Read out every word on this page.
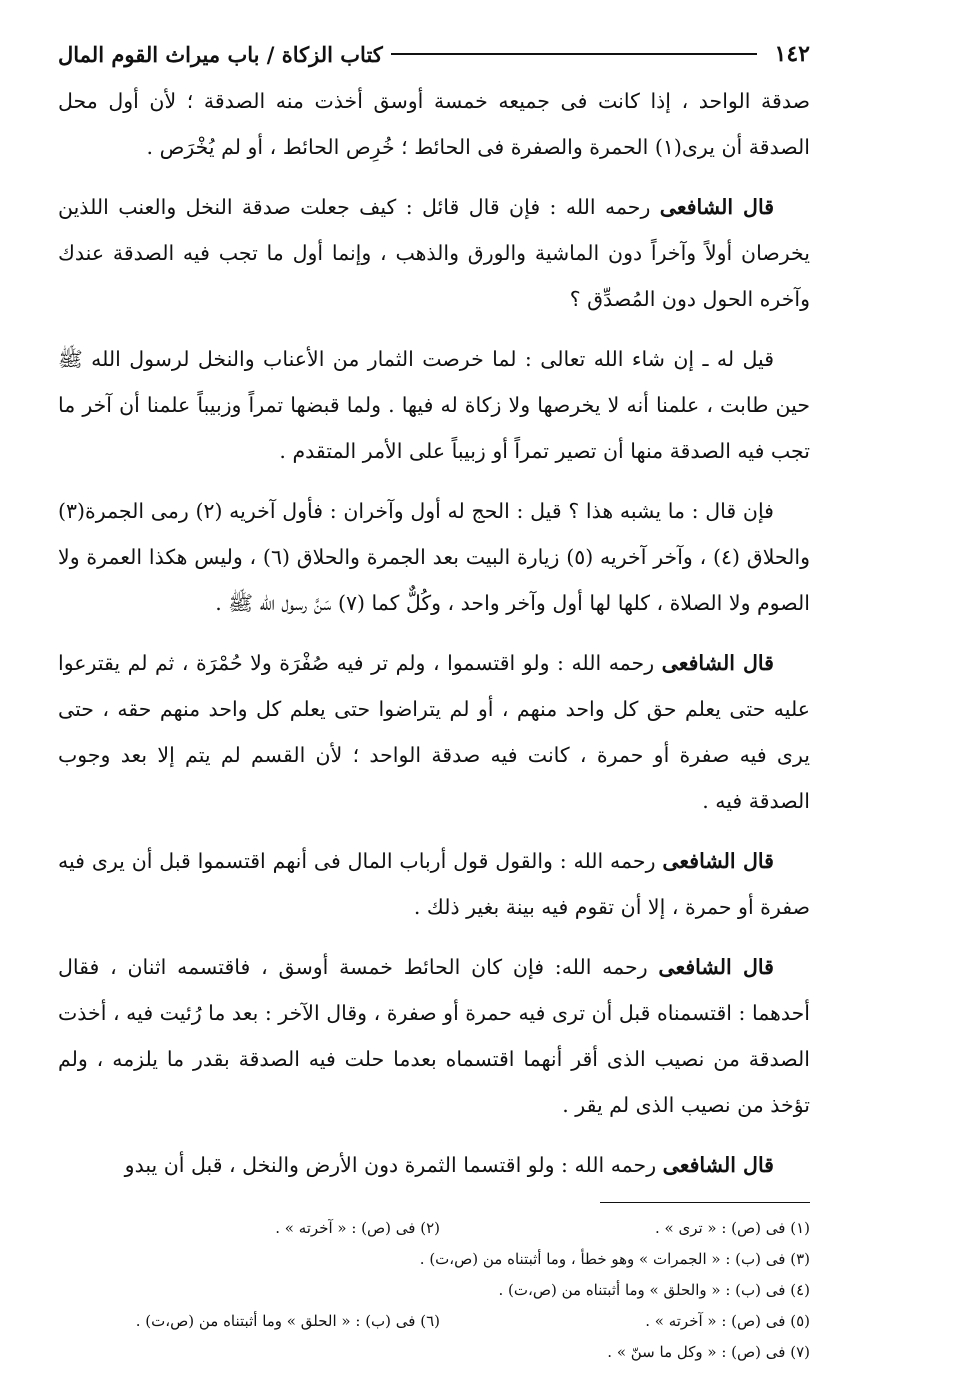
١٤٢
كتاب الزكاة / باب ميراث القوم المال

صدقة الواحد ، إذا كانت فى جميعه خمسة أوسق أخذت منه الصدقة ؛ لأن أول محل الصدقة أن يرى(١) الحمرة والصفرة فى الحائط ؛ خُرِص الحائط ، أو لم يُخْرَص .

قال الشافعى رحمه الله : فإن قال قائل : كيف جعلت صدقة النخل والعنب اللذين يخرصان أولاً وآخراً دون الماشية والورق والذهب ، وإنما أول ما تجب فيه الصدقة عندك وآخره الحول دون المُصدِّق ؟

قيل له ـ إن شاء الله تعالى : لما خرصت الثمار من الأعناب والنخل لرسول الله ﷺ حين طابت ، علمنا أنه لا يخرصها ولا زكاة له فيها . ولما قبضها تمراً وزبيباً علمنا أن آخر ما تجب فيه الصدقة منها أن تصير تمراً أو زبيباً على الأمر المتقدم .

فإن قال : ما يشبه هذا ؟ قيل : الحج له أول وآخران : فأول آخريه (٢) رمى الجمرة(٣) والحلاق (٤) ، وآخر آخريه (٥) زيارة البيت بعد الجمرة والحلاق (٦) ، وليس هكذا العمرة ولا الصوم ولا الصلاة ، كلها لها أول وآخر واحد ، وكُلٌّ كما (٧) سَنَّ رسول الله ﷺ .

قال الشافعى رحمه الله : ولو اقتسموا ، ولم تر فيه صُفْرَة ولا حُمْرَة ، ثم لم يقترعوا عليه حتى يعلم حق كل واحد منهم ، أو لم يتراضوا حتى يعلم كل واحد منهم حقه ، حتى يرى فيه صفرة أو حمرة ، كانت فيه صدقة الواحد ؛ لأن القسم لم يتم إلا بعد وجوب الصدقة فيه .

قال الشافعى رحمه الله : والقول قول أرباب المال فى أنهم اقتسموا قبل أن يرى فيه صفرة أو حمرة ، إلا أن تقوم فيه بينة بغير ذلك .

قال الشافعى رحمه الله: فإن كان الحائط خمسة أوسق ، فاقتسمه اثنان ، فقال أحدهما : اقتسمناه قبل أن ترى فيه حمرة أو صفرة ، وقال الآخر : بعد ما رُئيت فيه ، أخذت الصدقة من نصيب الذى أقر أنهما اقتسماه بعدما حلت فيه الصدقة بقدر ما يلزمه ، ولم تؤخذ من نصيب الذى لم يقر .

قال الشافعى رحمه الله : ولو اقتسما الثمرة دون الأرض والنخل ، قبل أن يبدو

(١) فى (ص) : « ترى » .
(٢) فى (ص) : « آخرته » .
(٣) فى (ب) : « الجمرات » وهو خطأ ، وما أثبتناه من (ص،ت) .
(٤) فى (ب) : « والحلق » وما أثبتناه من (ص،ت) .
(٥) فى (ص) : « آخرته » .
(٦) فى (ب) : « الحلق » وما أثبتناه من (ص،ت) .
(٧) فى (ص) : « وكل ما سنّ » .
